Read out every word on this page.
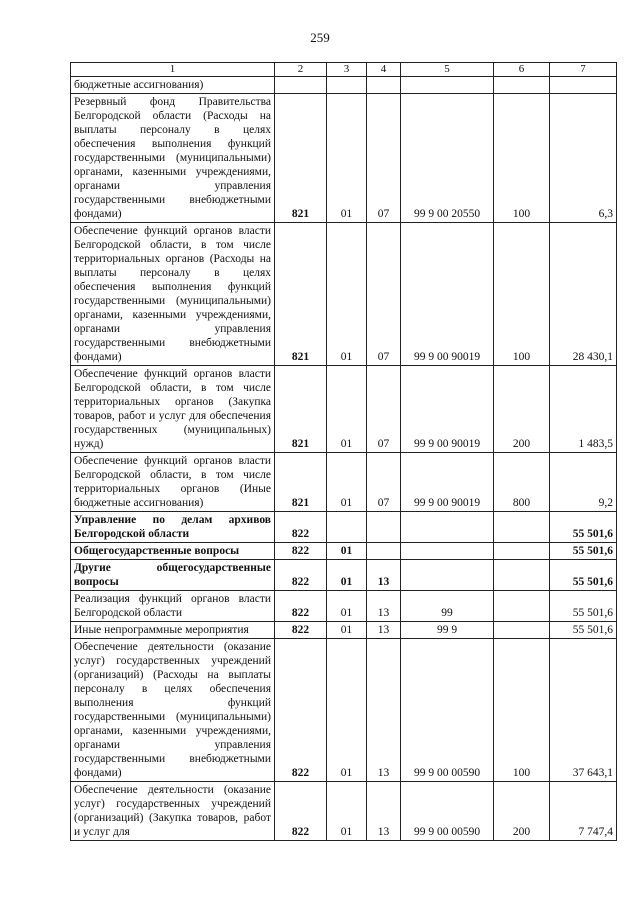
259
1	2	3	4	5	6	7
бюджетные ассигнования)						
Резервный фонд Правительства Белгородской области (Расходы на выплаты персоналу в целях обеспечения выполнения функций государственными (муниципальными) органами, казенными учреждениями, органами управления государственными внебюджетными фондами)	821	01	07	99 9 00 20550	100	6,3
Обеспечение функций органов власти Белгородской области, в том числе территориальных органов (Расходы на выплаты персоналу в целях обеспечения выполнения функций государственными (муниципальными) органами, казенными учреждениями, органами управления государственными внебюджетными фондами)	821	01	07	99 9 00 90019	100	28 430,1
Обеспечение функций органов власти Белгородской области, в том числе территориальных органов (Закупка товаров, работ и услуг для обеспечения государственных (муниципальных) нужд)	821	01	07	99 9 00 90019	200	1 483,5
Обеспечение функций органов власти Белгородской области, в том числе территориальных органов (Иные бюджетные ассигнования)	821	01	07	99 9 00 90019	800	9,2
Управление по делам архивов Белгородской области	822					55 501,6
Общегосударственные вопросы	822	01				55 501,6
Другие общегосударственные вопросы	822	01	13			55 501,6
Реализация функций органов власти Белгородской области	822	01	13	99		55 501,6
Иные непрограммные мероприятия	822	01	13	99 9		55 501,6
Обеспечение деятельности (оказание услуг) государственных учреждений (организаций) (Расходы на выплаты персоналу в целях обеспечения выполнения функций государственными (муниципальными) органами, казенными учреждениями, органами управления государственными внебюджетными фондами)	822	01	13	99 9 00 00590	100	37 643,1
Обеспечение деятельности (оказание услуг) государственных учреждений (организаций) (Закупка товаров, работ и услуг для	822	01	13	99 9 00 00590	200	7 747,4
